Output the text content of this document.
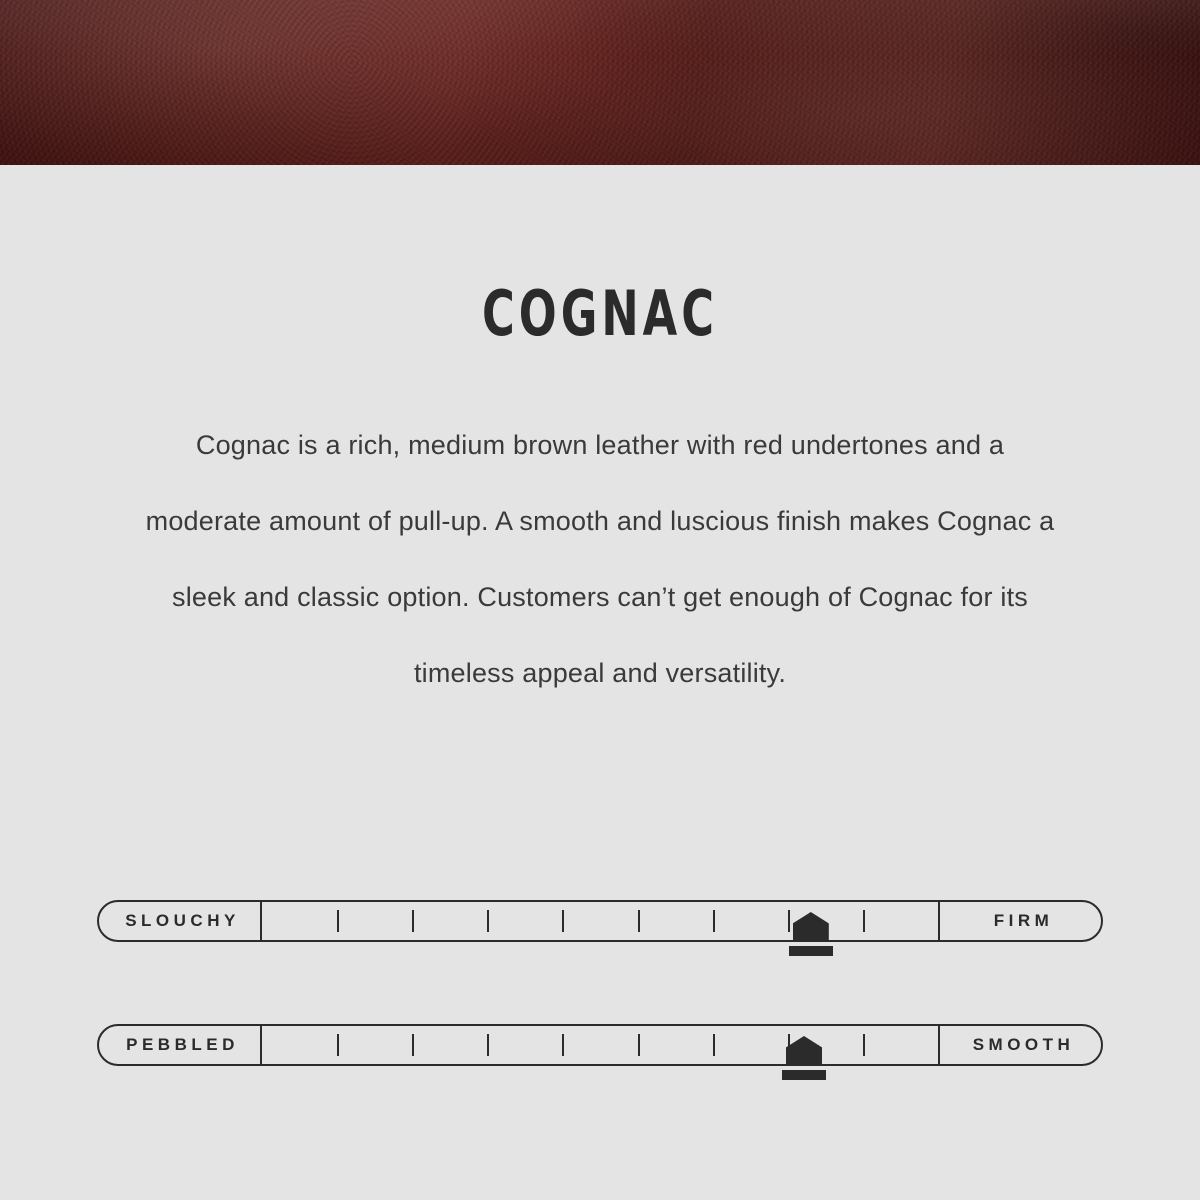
COGNAC

Cognac is a rich, medium brown leather with red undertones and a moderate amount of pull-up. A smooth and luscious finish makes Cognac a sleek and classic option. Customers can’t get enough of Cognac for its timeless appeal and versatility.

SLOUCHY	FIRM
PEBBLED	SMOOTH
